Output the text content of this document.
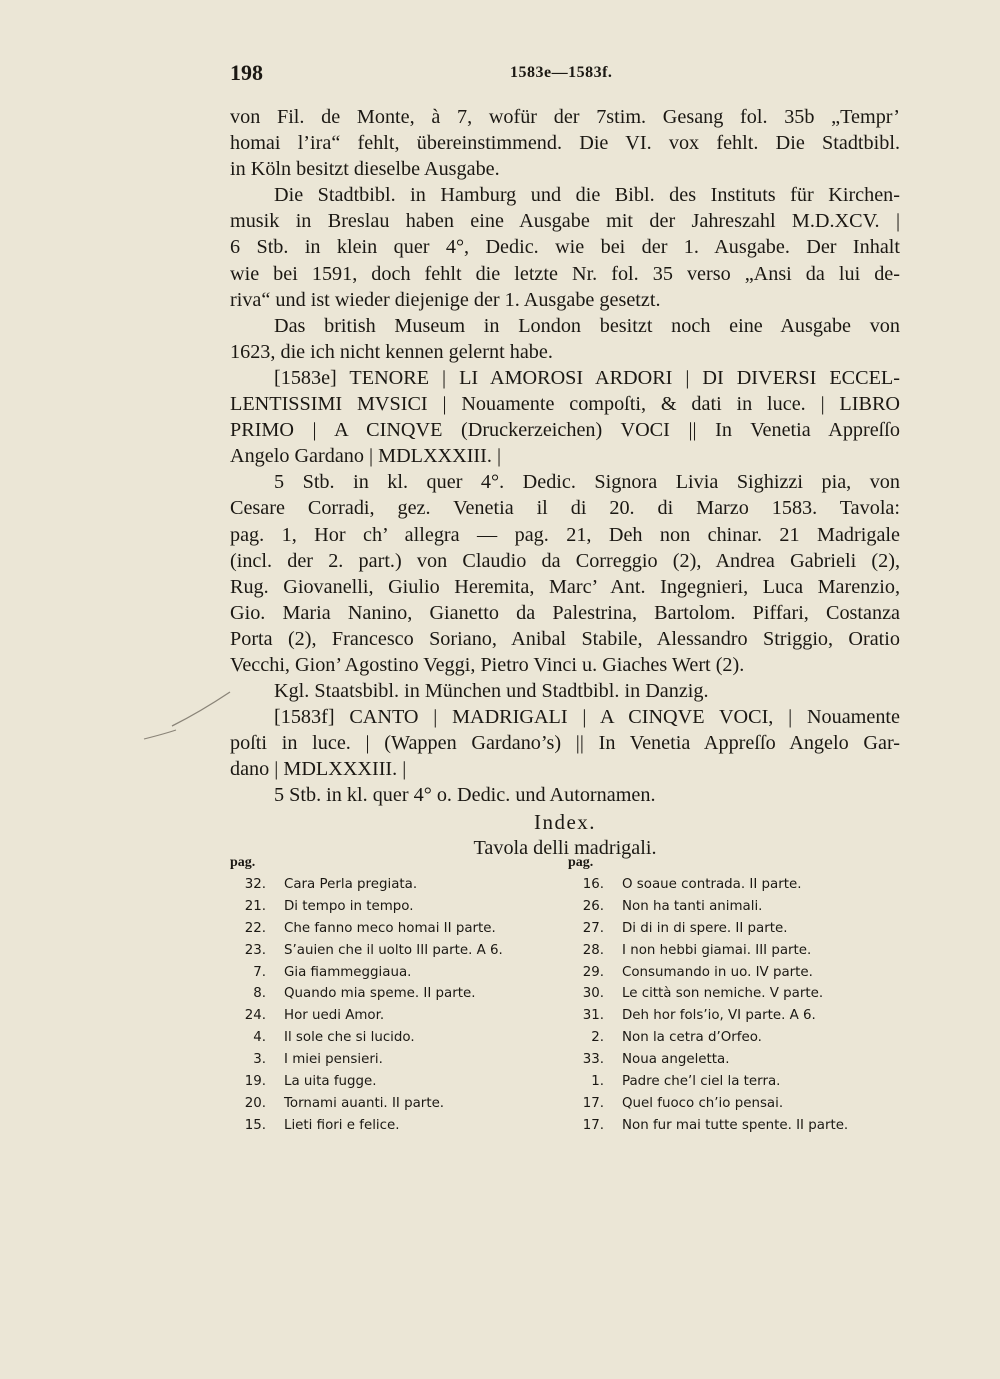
198	1583e—1583f.
von Fil. de Monte, à 7, wofür der 7stim. Gesang fol. 35b „Tempr’
homai l’ira“ fehlt, übereinstimmend. Die VI. vox fehlt. Die Stadtbibl.
in Köln besitzt dieselbe Ausgabe.
Die Stadtbibl. in Hamburg und die Bibl. des Instituts für Kirchen-
musik in Breslau haben eine Ausgabe mit der Jahreszahl M.D.XCV. |
6 Stb. in klein quer 4°, Dedic. wie bei der 1. Ausgabe. Der Inhalt
wie bei 1591, doch fehlt die letzte Nr. fol. 35 verso „Ansi da lui de-
riva“ und ist wieder diejenige der 1. Ausgabe gesetzt.
Das british Museum in London besitzt noch eine Ausgabe von
1623, die ich nicht kennen gelernt habe.
[1583e] TENORE | LI AMOROSI ARDORI | DI DIVERSI ECCEL-
LENTISSIMI MVSICI | Nouamente compoſti, & dati in luce. | LIBRO
PRIMO | A CINQVE (Druckerzeichen) VOCI || In Venetia Appreſſo
Angelo Gardano | MDLXXXIII. |
5 Stb. in kl. quer 4°. Dedic. Signora Livia Sighizzi pia, von
Cesare Corradi, gez. Venetia il di 20. di Marzo 1583. Tavola:
pag. 1, Hor ch’ allegra — pag. 21, Deh non chinar. 21 Madrigale
(incl. der 2. part.) von Claudio da Correggio (2), Andrea Gabrieli (2),
Rug. Giovanelli, Giulio Heremita, Marc’ Ant. Ingegnieri, Luca Marenzio,
Gio. Maria Nanino, Gianetto da Palestrina, Bartolom. Piffari, Costanza
Porta (2), Francesco Soriano, Anibal Stabile, Alessandro Striggio, Oratio
Vecchi, Gion’ Agostino Veggi, Pietro Vinci u. Giaches Wert (2).
Kgl. Staatsbibl. in München und Stadtbibl. in Danzig.
[1583f] CANTO | MADRIGALI | A CINQVE VOCI, | Nouamente
poſti in luce. | (Wappen Gardano’s) || In Venetia Appreſſo Angelo Gar-
dano | MDLXXXIII. |
5 Stb. in kl. quer 4° o. Dedic. und Autornamen.
Index.
Tavola delli madrigali.
pag.
32. Cara Perla pregiata.
21. Di tempo in tempo.
22. Che fanno meco homai II parte.
23. S’auien che il uolto III parte. A 6.
7. Gia fiammeggiaua.
8. Quando mia speme. II parte.
24. Hor uedi Amor.
4. Il sole che si lucido.
3. I miei pensieri.
19. La uita fugge.
20. Tornami auanti. II parte.
15. Lieti fiori e felice.
pag.
16. O soaue contrada. II parte.
26. Non ha tanti animali.
27. Di di in di spere. II parte.
28. I non hebbi giamai. III parte.
29. Consumando in uo. IV parte.
30. Le città son nemiche. V parte.
31. Deh hor fols’io, VI parte. A 6.
2. Non la cetra d’Orfeo.
33. Noua angeletta.
1. Padre che’l ciel la terra.
17. Quel fuoco ch’io pensai.
17. Non fur mai tutte spente. II parte.
